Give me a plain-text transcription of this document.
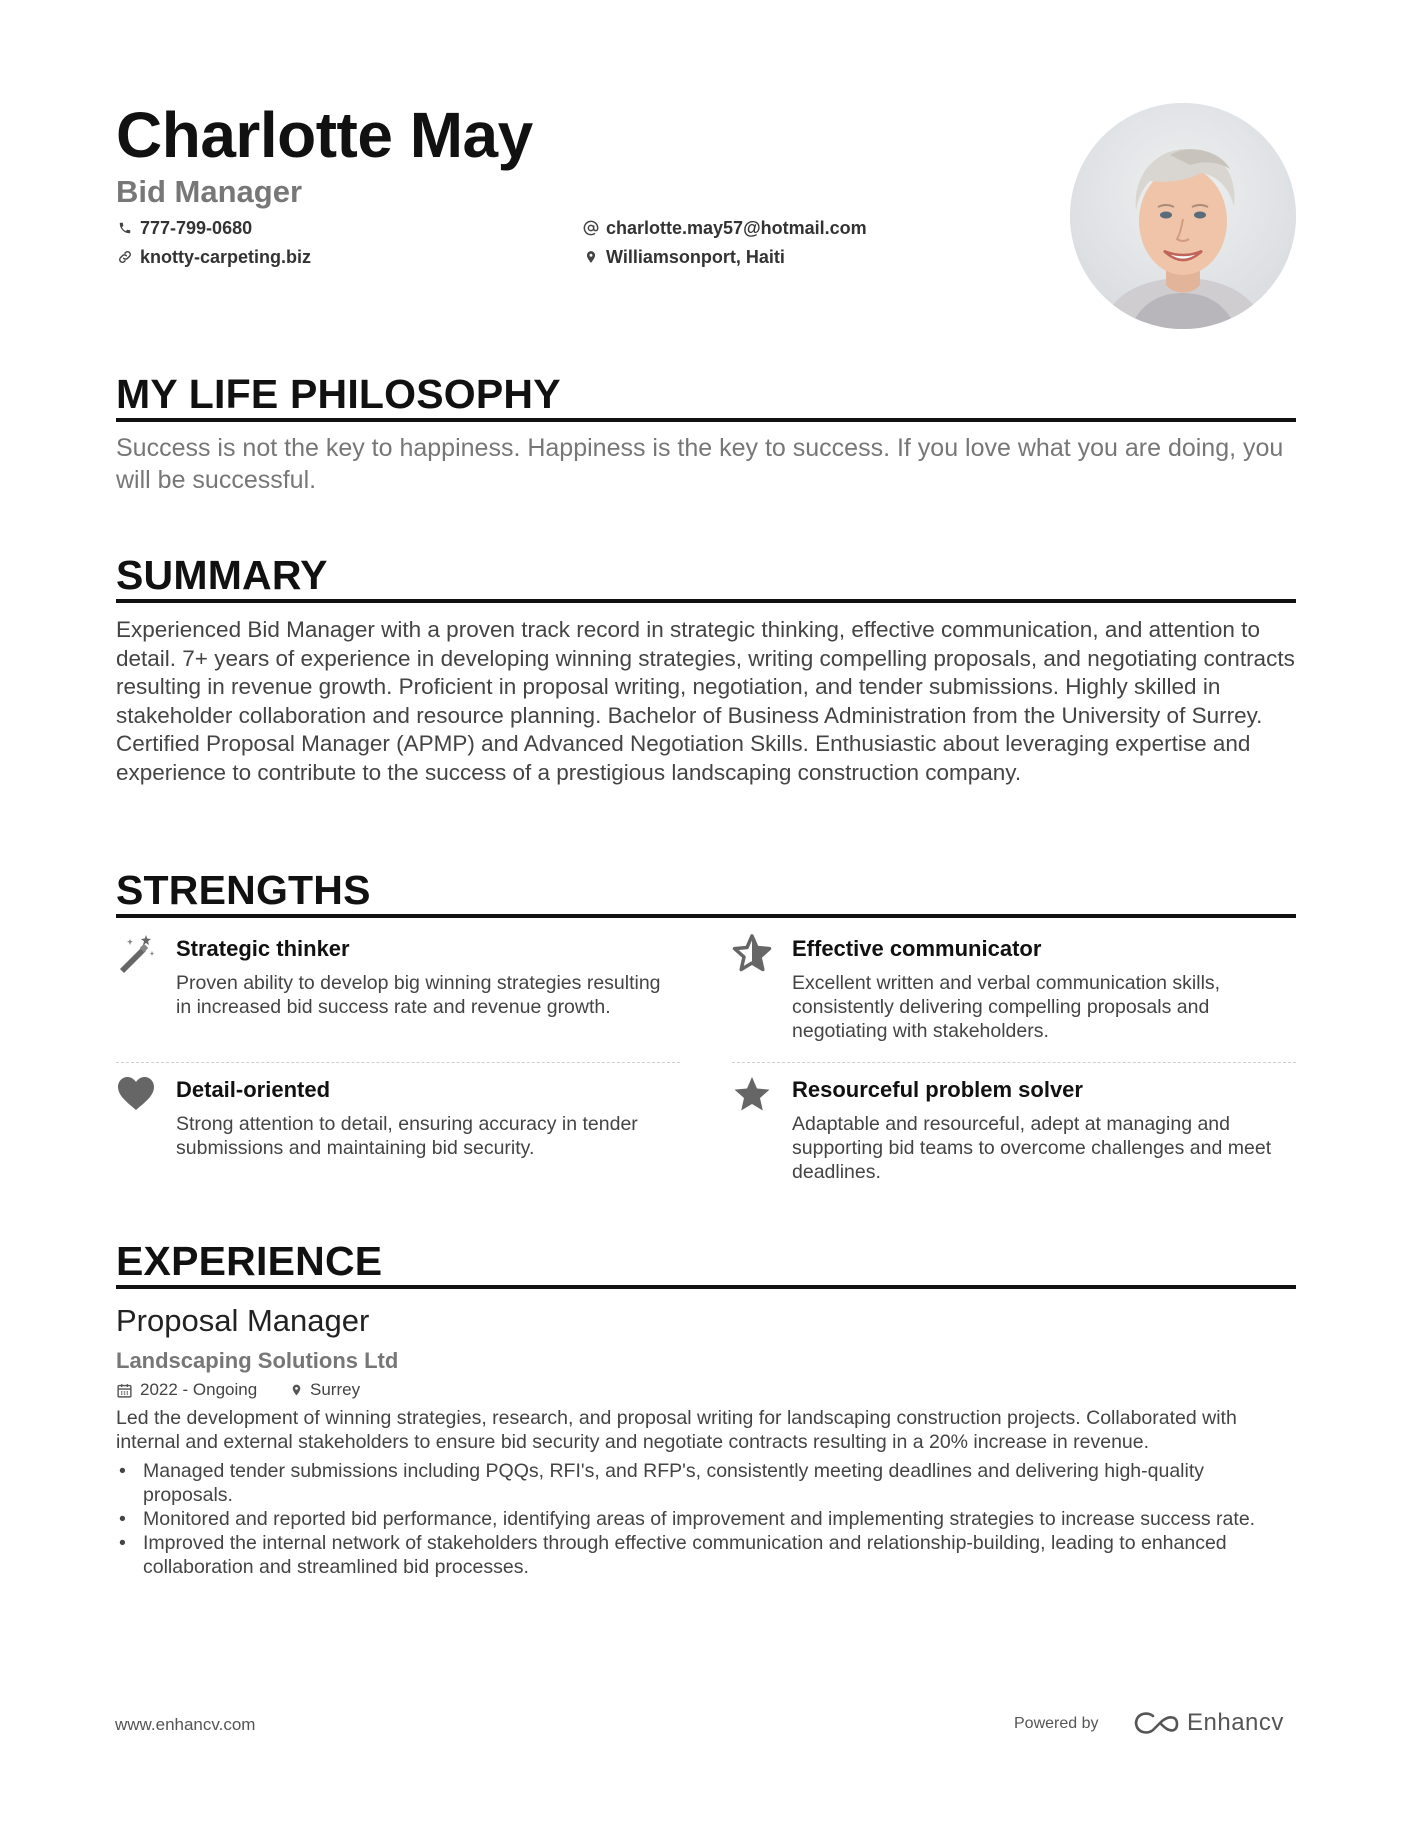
Charlotte May
Bid Manager
777-799-0680
knotty-carpeting.biz
charlotte.may57@hotmail.com
Williamsonport, Haiti
MY LIFE PHILOSOPHY
Success is not the key to happiness. Happiness is the key to success. If you love what you are doing, you will be successful.
SUMMARY
Experienced Bid Manager with a proven track record in strategic thinking, effective communication, and attention to detail. 7+ years of experience in developing winning strategies, writing compelling proposals, and negotiating contracts resulting in revenue growth. Proficient in proposal writing, negotiation, and tender submissions. Highly skilled in stakeholder collaboration and resource planning. Bachelor of Business Administration from the University of Surrey. Certified Proposal Manager (APMP) and Advanced Negotiation Skills. Enthusiastic about leveraging expertise and experience to contribute to the success of a prestigious landscaping construction company.
STRENGTHS
Strategic thinker
Proven ability to develop big winning strategies resulting in increased bid success rate and revenue growth.
Effective communicator
Excellent written and verbal communication skills, consistently delivering compelling proposals and negotiating with stakeholders.
Detail-oriented
Strong attention to detail, ensuring accuracy in tender submissions and maintaining bid security.
Resourceful problem solver
Adaptable and resourceful, adept at managing and supporting bid teams to overcome challenges and meet deadlines.
EXPERIENCE
Proposal Manager
Landscaping Solutions Ltd
2022 - Ongoing	Surrey
Led the development of winning strategies, research, and proposal writing for landscaping construction projects. Collaborated with internal and external stakeholders to ensure bid security and negotiate contracts resulting in a 20% increase in revenue.
• Managed tender submissions including PQQs, RFI's, and RFP's, consistently meeting deadlines and delivering high-quality proposals.
• Monitored and reported bid performance, identifying areas of improvement and implementing strategies to increase success rate.
• Improved the internal network of stakeholders through effective communication and relationship-building, leading to enhanced collaboration and streamlined bid processes.
www.enhancv.com	Powered by	Enhancv
